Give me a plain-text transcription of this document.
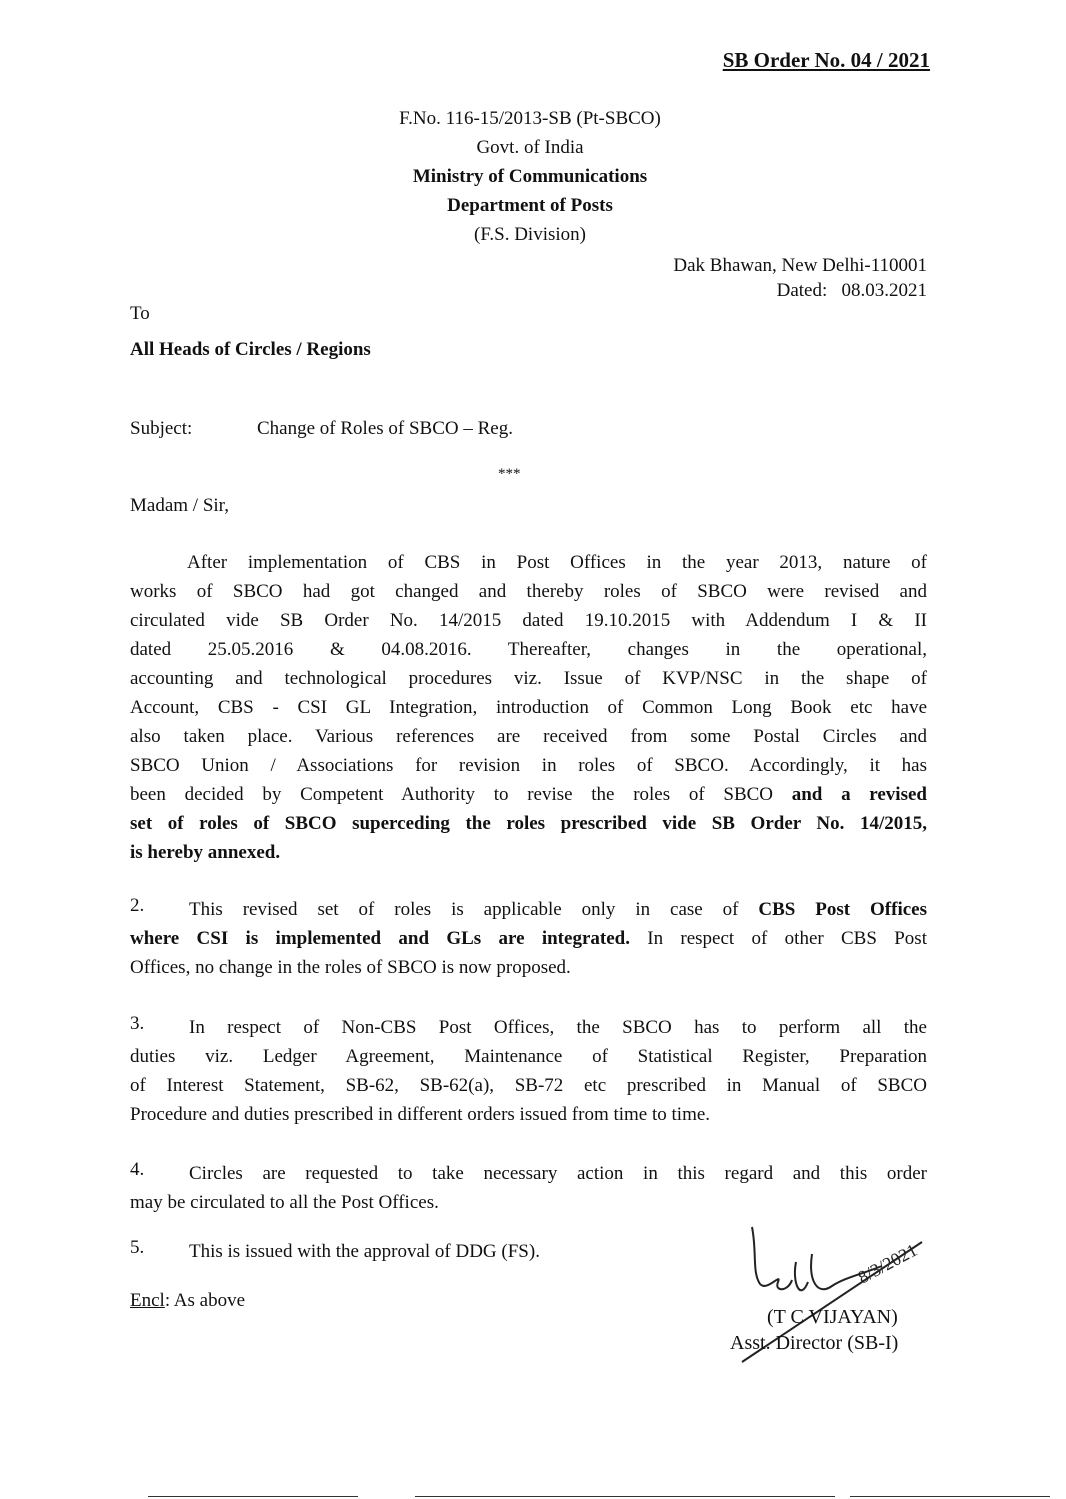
SB Order No. 04 / 2021
F.No. 116-15/2013-SB (Pt-SBCO)
Govt. of India
Ministry of Communications
Department of Posts
(F.S. Division)
Dak Bhawan, New Delhi-110001
Dated: 08.03.2021
To
All Heads of Circles / Regions
Subject:	Change of Roles of SBCO – Reg.
***
Madam / Sir,
After implementation of CBS in Post Offices in the year 2013, nature of
works of SBCO had got changed and thereby roles of SBCO were revised and
circulated vide SB Order No. 14/2015 dated 19.10.2015 with Addendum I & II
dated 25.05.2016 & 04.08.2016. Thereafter, changes in the operational,
accounting and technological procedures viz. Issue of KVP/NSC in the shape of
Account, CBS - CSI GL Integration, introduction of Common Long Book etc have
also taken place. Various references are received from some Postal Circles and
SBCO Union / Associations for revision in roles of SBCO. Accordingly, it has
been decided by Competent Authority to revise the roles of SBCO and a revised
set of roles of SBCO superceding the roles prescribed vide SB Order No. 14/2015,
is hereby annexed.
2. This revised set of roles is applicable only in case of CBS Post Offices
where CSI is implemented and GLs are integrated. In respect of other CBS Post
Offices, no change in the roles of SBCO is now proposed.
3. In respect of Non-CBS Post Offices, the SBCO has to perform all the
duties viz. Ledger Agreement, Maintenance of Statistical Register, Preparation
of Interest Statement, SB-62, SB-62(a), SB-72 etc prescribed in Manual of SBCO
Procedure and duties prescribed in different orders issued from time to time.
4. Circles are requested to take necessary action in this regard and this order
may be circulated to all the Post Offices.
5. This is issued with the approval of DDG (FS).
Encl: As above
8/3/2021
(T C VIJAYAN)
Asst. Director (SB-I)
